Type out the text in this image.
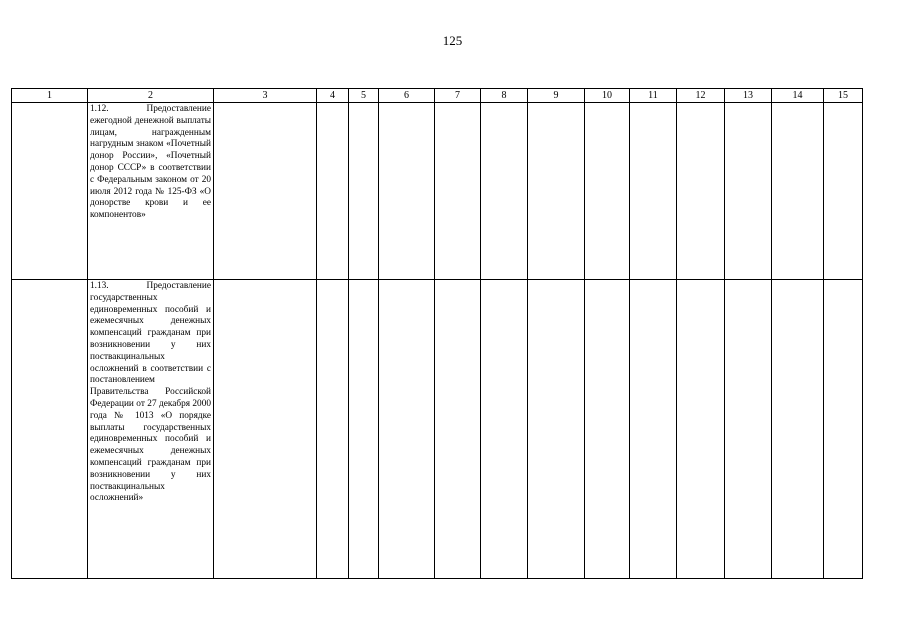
125
1	2	3	4	5	6	7	8	9	10	11	12	13	14	15

	1.12. Предоставление ежегодной денежной выплаты лицам, награжденным нагрудным знаком «Почетный донор России», «Почетный донор СССР» в соответствии с Федеральным законом от 20 июля 2012 года № 125-ФЗ «О донорстве крови и ее компонентов»													

	1.13. Предоставление государственных единовременных пособий и ежемесячных денежных компенсаций гражданам при возникновении у них поствакцинальных осложнений в соответствии с постановлением Правительства Российской Федерации от 27 декабря 2000 года № 1013 «О порядке выплаты государственных единовременных пособий и ежемесячных денежных компенсаций гражданам при возникновении у них поствакцинальных осложнений»													
